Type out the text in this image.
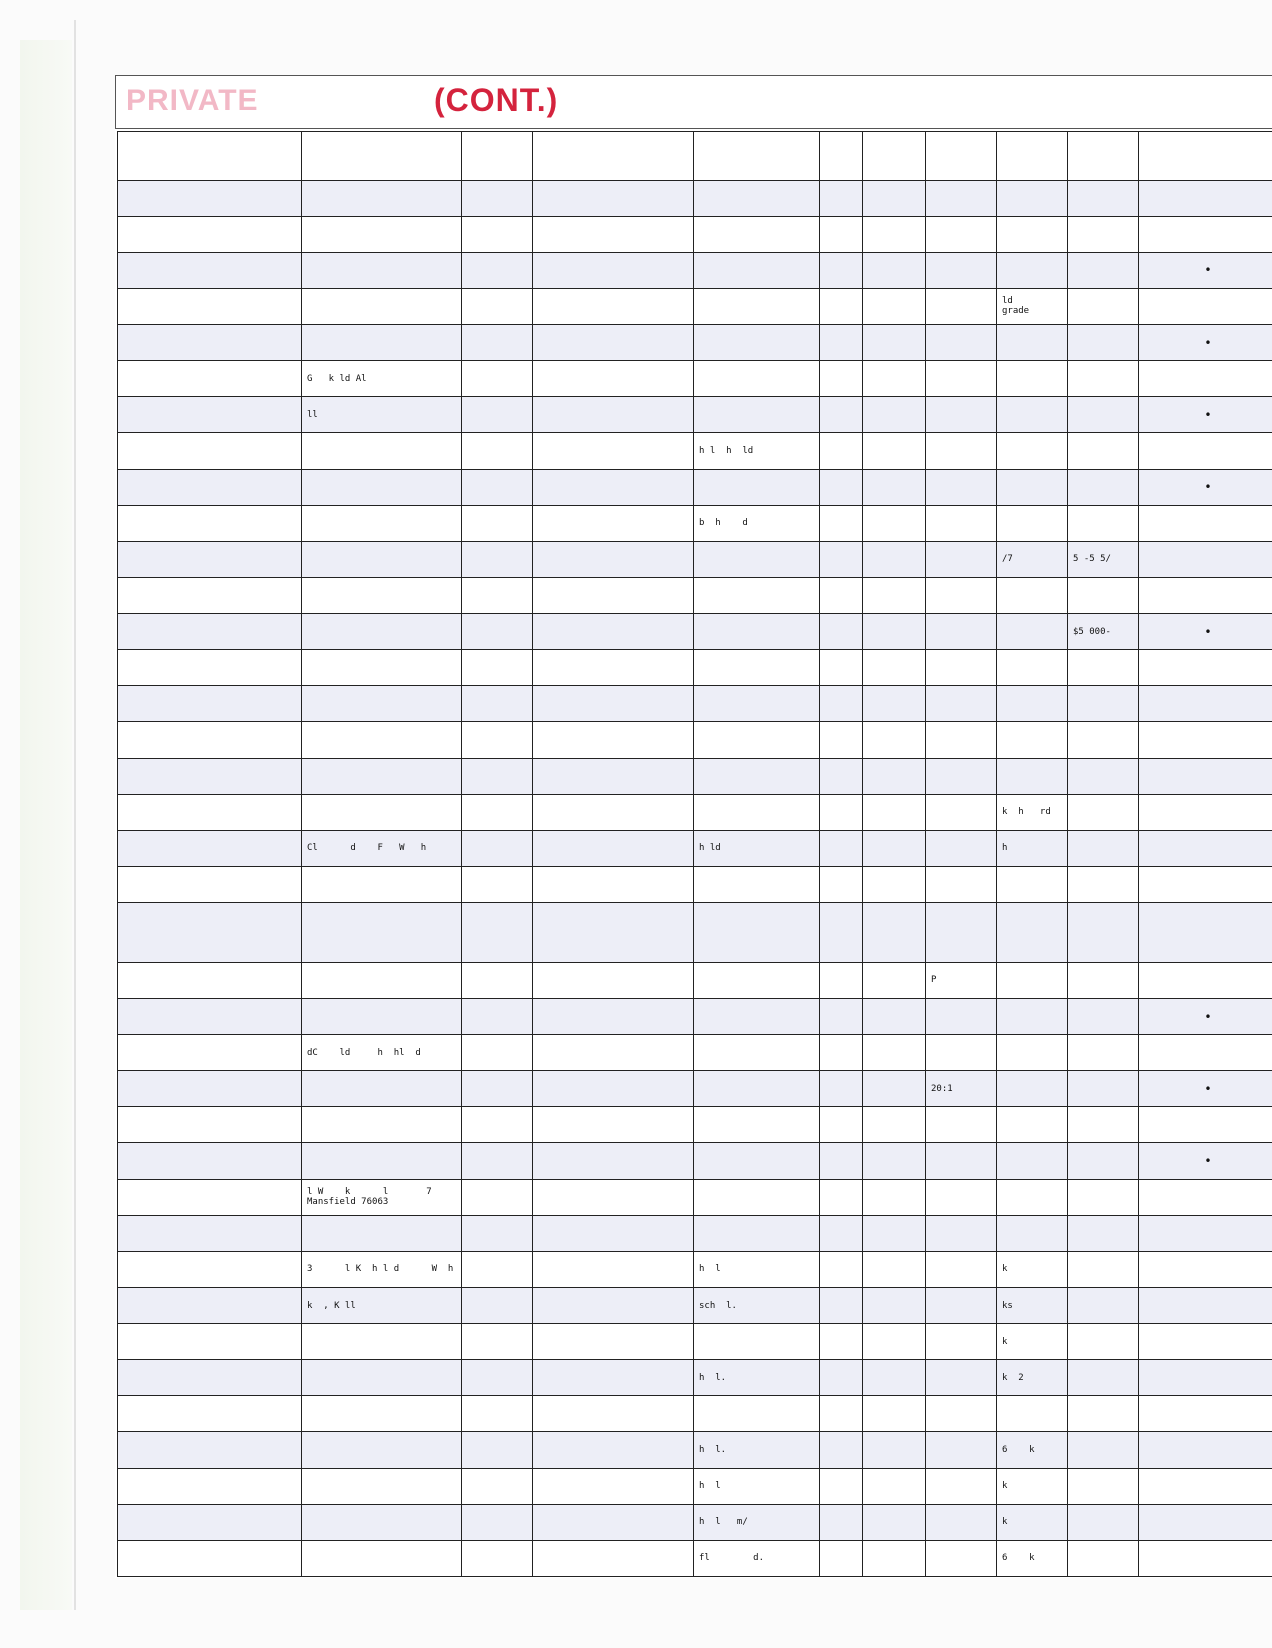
PRIVATE	(CONT.)

										•
								ld
grade		
										•
	G   k ld Al									
	ll									•
				h l  h  ld						
										•
				b  h    d						
								/7	5 -5 5/	

									$5 000-	•

								k  h   rd		
	Cl      d    F   W   h			h ld				h		

							P			
										•
	dC    ld     h  hl  d									
							20:1			•

										•
	l W    k      l       7
Mansfield 76063									

	3      l K  h l d      W  h			h  l				k		
	k  , K ll			sch  l.				ks		
								k		
				h  l.				k  2		

				h  l.				6    k		
				h  l				k		
				h  l   m/				k		
				fl        d.				6    k		
